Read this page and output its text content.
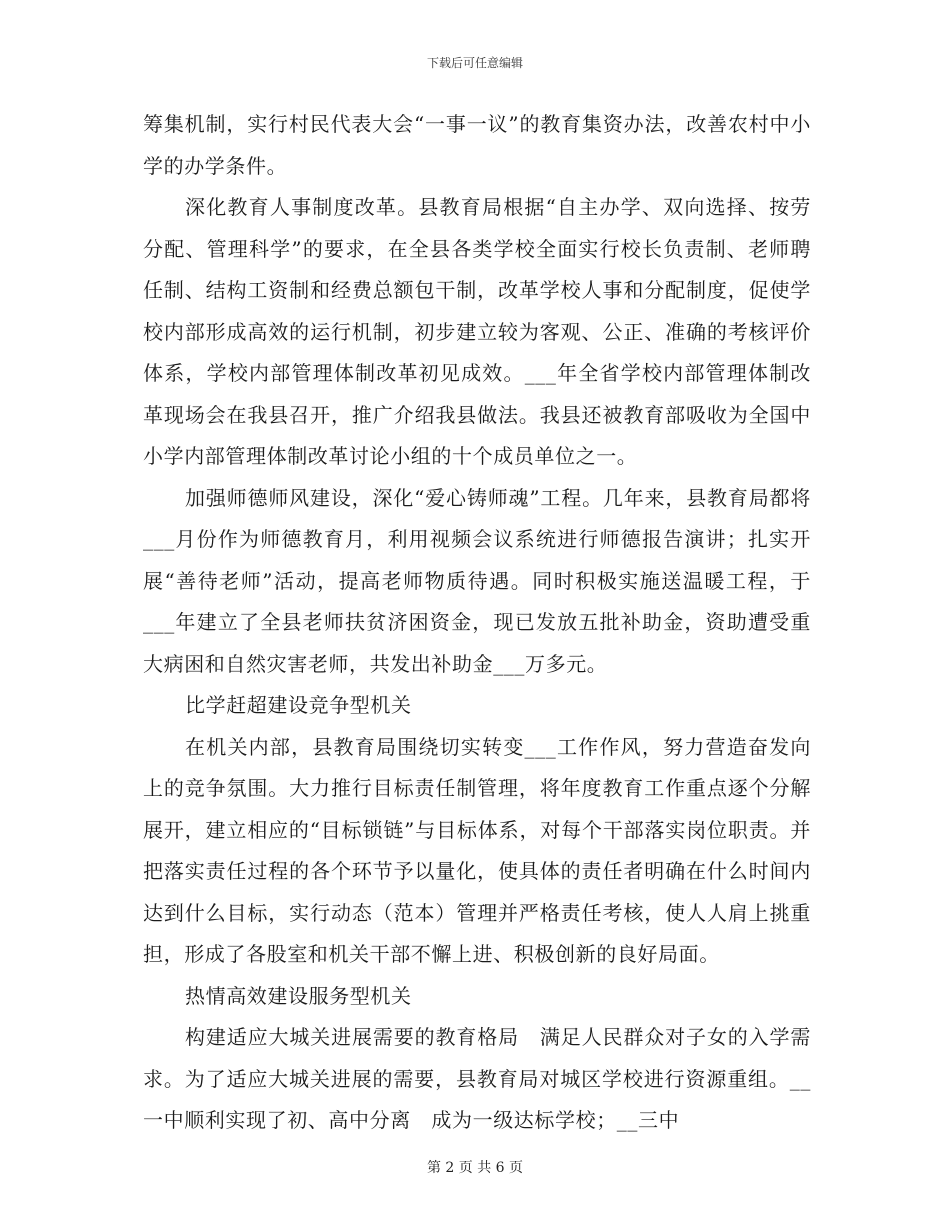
下载后可任意编辑

筹集机制，实行村民代表大会“一事一议”的教育集资办法，改善农村中小学的办学条件。

深化教育人事制度改革。县教育局根据“自主办学、双向选择、按劳分配、管理科学”的要求，在全县各类学校全面实行校长负责制、老师聘任制、结构工资制和经费总额包干制，改革学校人事和分配制度，促使学校内部形成高效的运行机制，初步建立较为客观、公正、准确的考核评价体系，学校内部管理体制改革初见成效。___年全省学校内部管理体制改革现场会在我县召开，推广介绍我县做法。我县还被教育部吸收为全国中小学内部管理体制改革讨论小组的十个成员单位之一。

加强师德师风建设，深化“爱心铸师魂”工程。几年来，县教育局都将___月份作为师德教育月，利用视频会议系统进行师德报告演讲；扎实开展“善待老师”活动，提高老师物质待遇。同时积极实施送温暖工程，于___年建立了全县老师扶贫济困资金，现已发放五批补助金，资助遭受重大病困和自然灾害老师，共发出补助金___万多元。

比学赶超建设竞争型机关

在机关内部，县教育局围绕切实转变___工作作风，努力营造奋发向上的竞争氛围。大力推行目标责任制管理，将年度教育工作重点逐个分解展开，建立相应的“目标锁链”与目标体系，对每个干部落实岗位职责。并把落实责任过程的各个环节予以量化，使具体的责任者明确在什么时间内达到什么目标，实行动态（范本）管理并严格责任考核，使人人肩上挑重担，形成了各股室和机关干部不懈上进、积极创新的良好局面。

热情高效建设服务型机关

构建适应大城关进展需要的教育格局　满足人民群众对子女的入学需求。为了适应大城关进展的需要，县教育局对城区学校进行资源重组。__一中顺利实现了初、高中分离　成为一级达标学校；__三中

第 2 页 共 6 页
